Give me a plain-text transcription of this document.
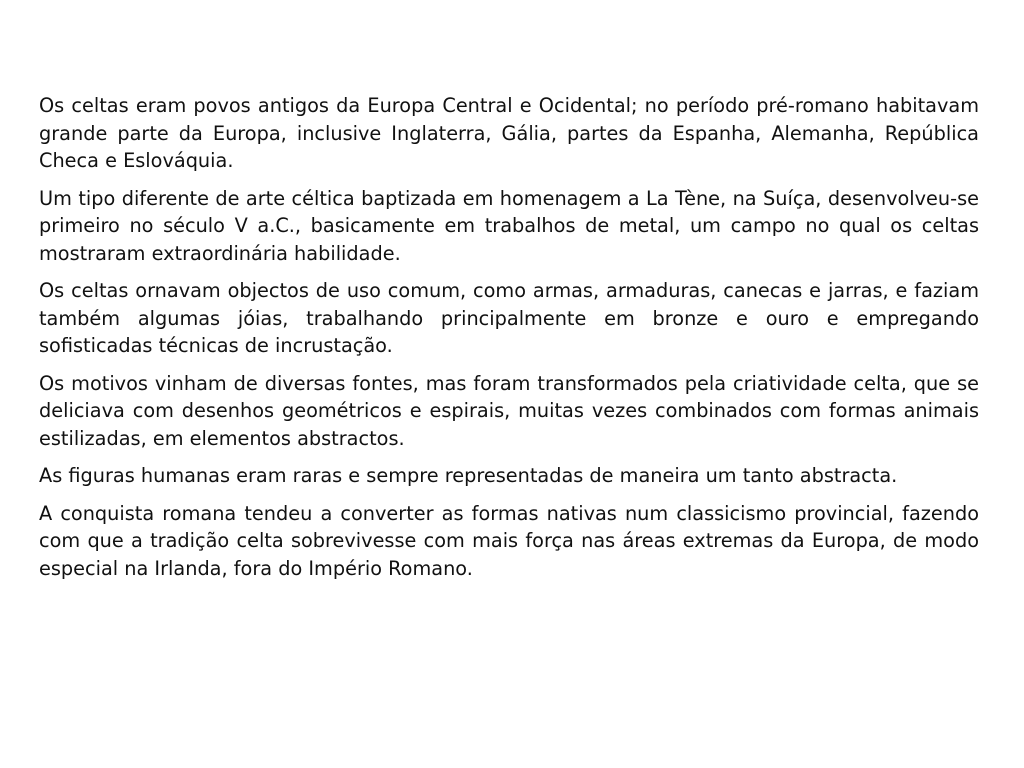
Os celtas eram povos antigos da Europa Central e Ocidental; no período pré-romano habitavam grande parte da Europa, inclusive Inglaterra, Gália, partes da Espanha, Alemanha, República Checa e Eslováquia.

Um tipo diferente de arte céltica baptizada em homenagem a La Tène, na Suíça, desenvolveu-se primeiro no século V a.C., basicamente em trabalhos de metal, um campo no qual os celtas mostraram extraordinária habilidade.

Os celtas ornavam objectos de uso comum, como armas, armaduras, canecas e jarras, e faziam também algumas jóias, trabalhando principalmente em bronze e ouro e empregando sofisticadas técnicas de incrustação.

Os motivos vinham de diversas fontes, mas foram transformados pela criatividade celta, que se deliciava com desenhos geométricos e espirais, muitas vezes combinados com formas animais estilizadas, em elementos abstractos.

As figuras humanas eram raras e sempre representadas de maneira um tanto abstracta.

A conquista romana tendeu a converter as formas nativas num classicismo provincial, fazendo com que a tradição celta sobrevivesse com mais força nas áreas extremas da Europa, de modo especial na Irlanda, fora do Império Romano.
